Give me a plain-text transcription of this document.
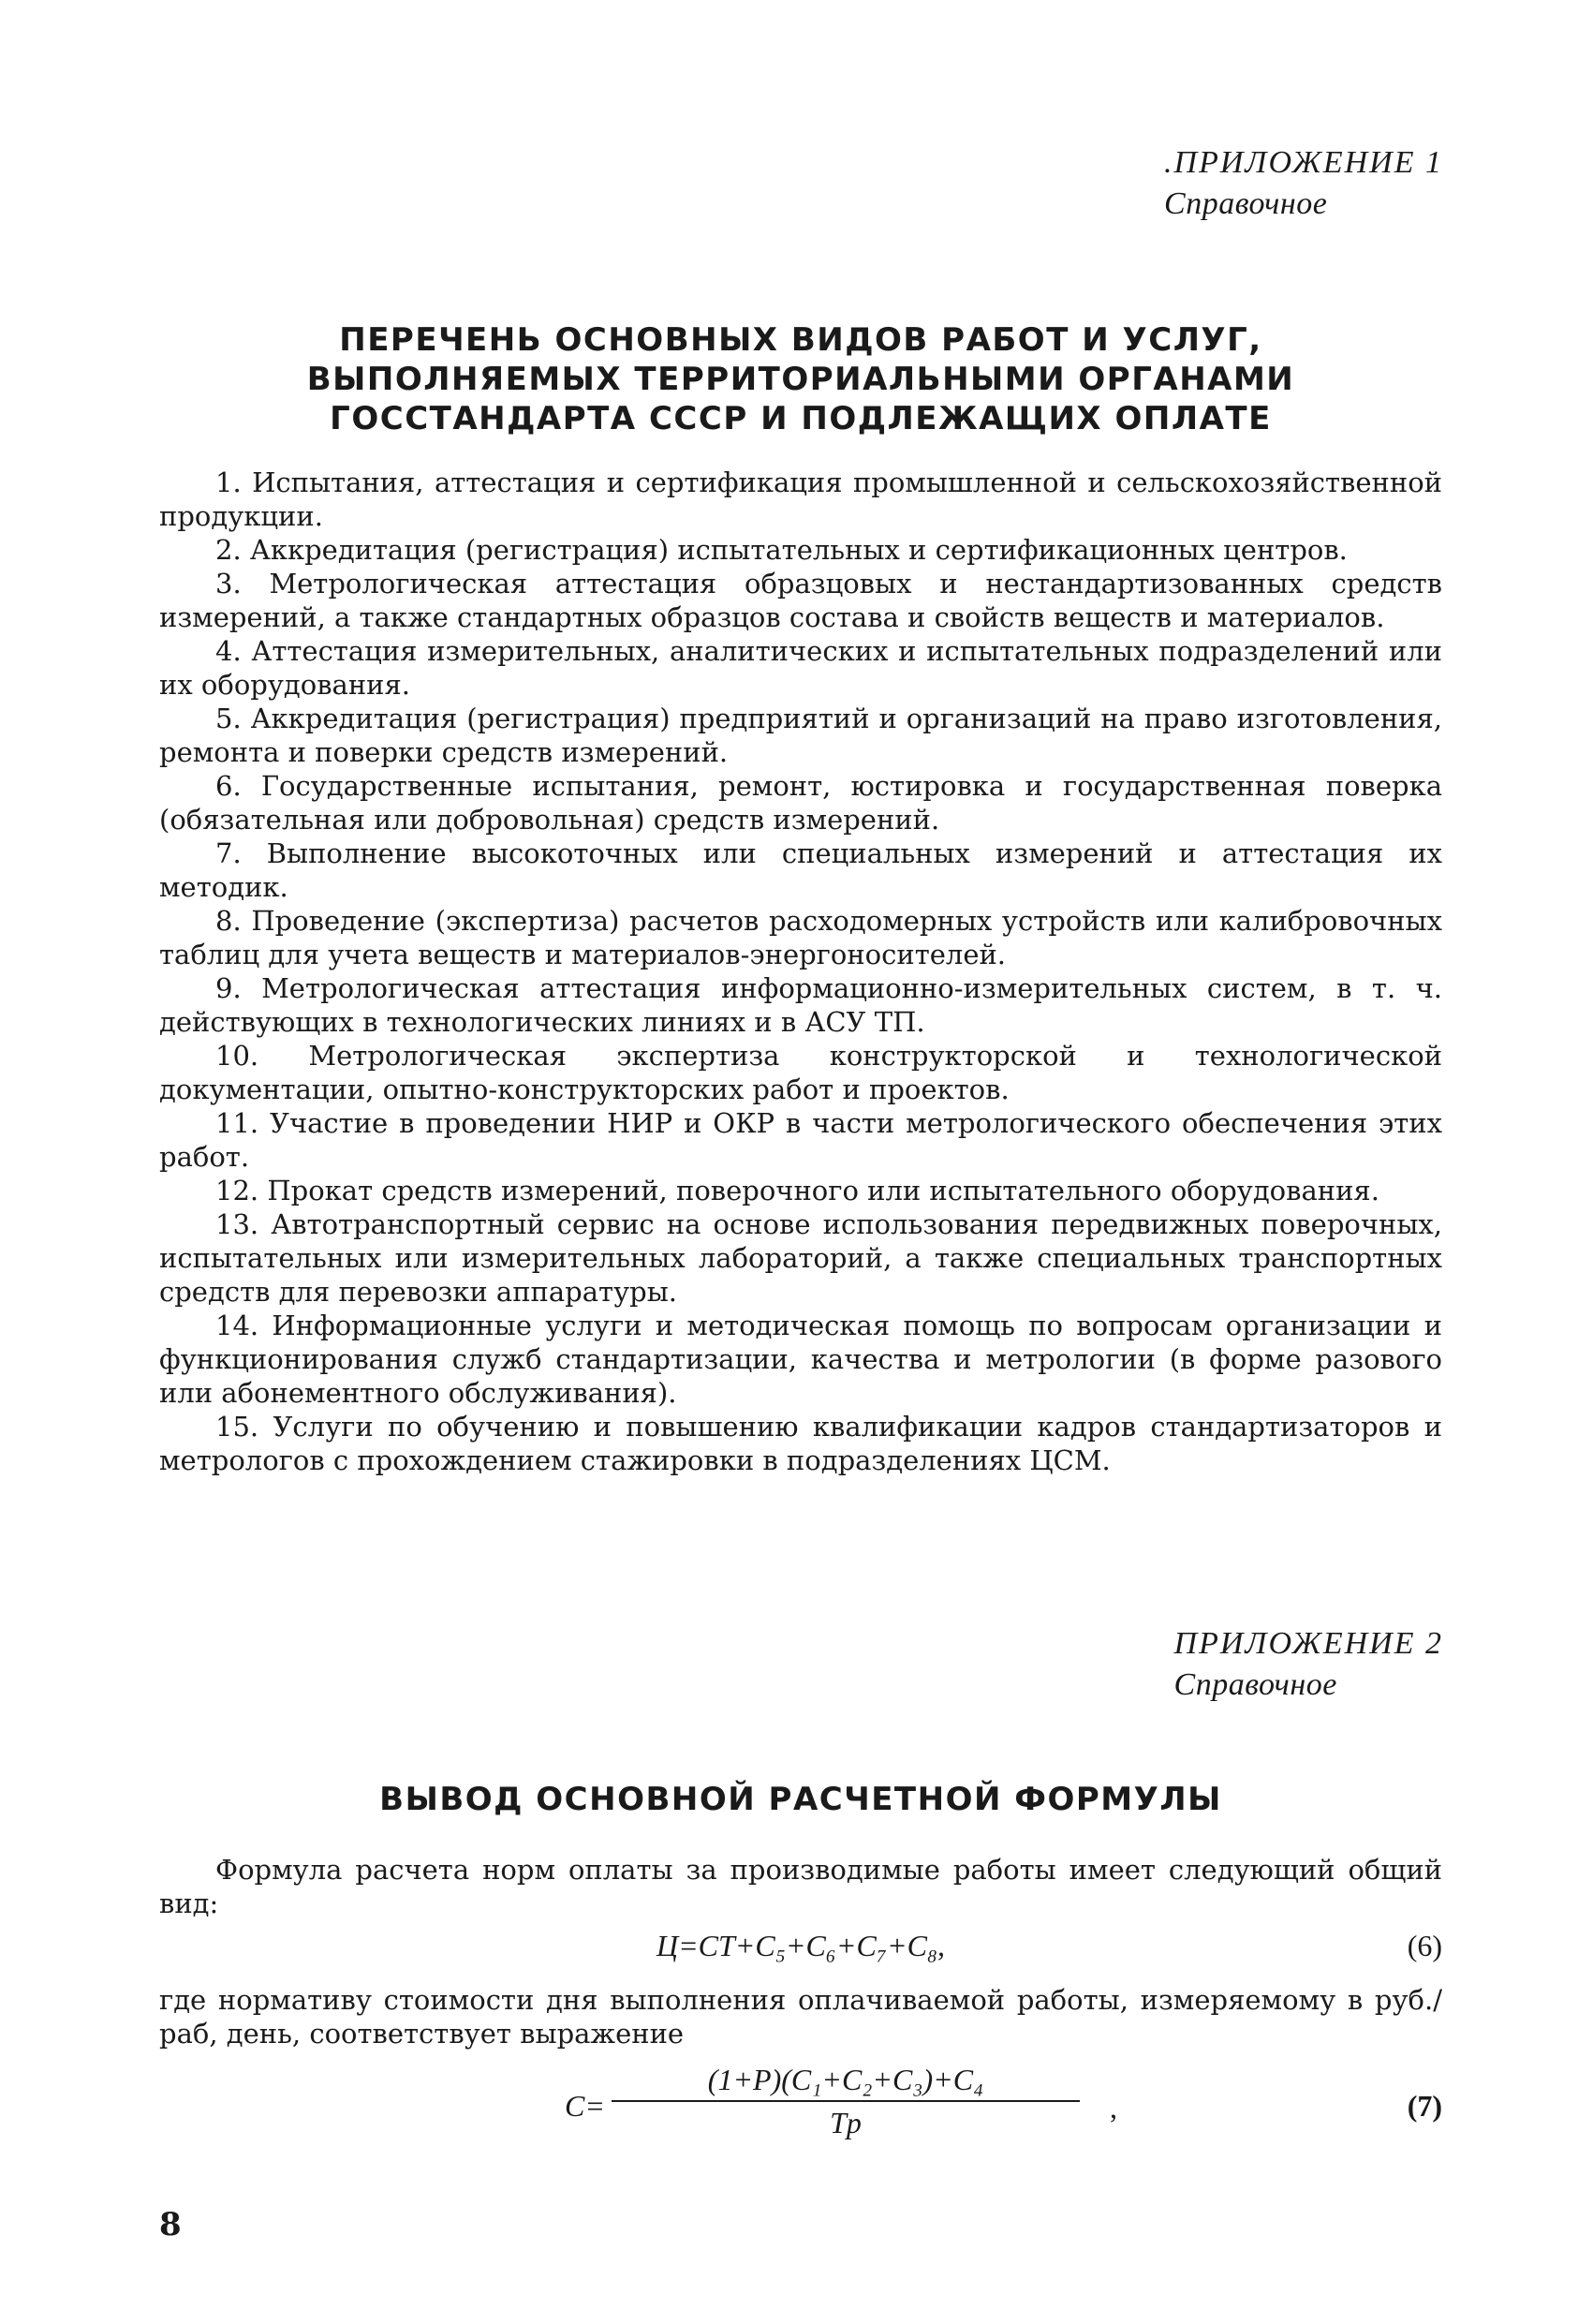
.ПРИЛОЖЕНИЕ 1
Справочное
ПЕРЕЧЕНЬ ОСНОВНЫХ ВИДОВ РАБОТ И УСЛУГ,
ВЫПОЛНЯЕМЫХ ТЕРРИТОРИАЛЬНЫМИ ОРГАНАМИ
ГОССТАНДАРТА СССР И ПОДЛЕЖАЩИХ ОПЛАТЕ

1. Испытания, аттестация и сертификация промышленной и сельскохозяйственной продукции.

2. Аккредитация (регистрация) испытательных и сертификационных центров.

3. Метрологическая аттестация образцовых и нестандартизованных средств измерений, а также стандартных образцов состава и свойств веществ и материалов.

4. Аттестация измерительных, аналитических и испытательных подразделений или их оборудования.

5. Аккредитация (регистрация) предприятий и организаций на право изготовления, ремонта и поверки средств измерений.

6. Государственные испытания, ремонт, юстировка и государственная поверка (обязательная или добровольная) средств измерений.

7. Выполнение высокоточных или специальных измерений и аттестация их методик.

8. Проведение (экспертиза) расчетов расходомерных устройств или калибровочных таблиц для учета веществ и материалов-энергоносителей.

9. Метрологическая аттестация информационно-измерительных систем, в т. ч. действующих в технологических линиях и в АСУ ТП.

10. Метрологическая экспертиза конструкторской и технологической документации, опытно-конструкторских работ и проектов.

11. Участие в проведении НИР и ОКР в части метрологического обеспечения этих работ.

12. Прокат средств измерений, поверочного или испытательного оборудования.

13. Автотранспортный сервис на основе использования передвижных поверочных, испытательных или измерительных лабораторий, а также специальных транспортных средств для перевозки аппаратуры.

14. Информационные услуги и методическая помощь по вопросам организации и функционирования служб стандартизации, качества и метрологии (в форме разового или абонементного обслуживания).

15. Услуги по обучению и повышению квалификации кадров стандартизаторов и метрологов с прохождением стажировки в подразделениях ЦСМ.

ПРИЛОЖЕНИЕ 2
Справочное
ВЫВОД ОСНОВНОЙ РАСЧЕТНОЙ ФОРМУЛЫ

Формула расчета норм оплаты за производимые работы имеет следующий общий вид:

Ц=СТ+С₅+С₆+С₇+С₈,	(6)

где нормативу стоимости дня выполнения оплачиваемой работы, измеряемому в руб./раб, день, соответствует выражение

С=
(1+Р)(С₁+С₂+С₃)+С₄
Тp	,	(7)
8
